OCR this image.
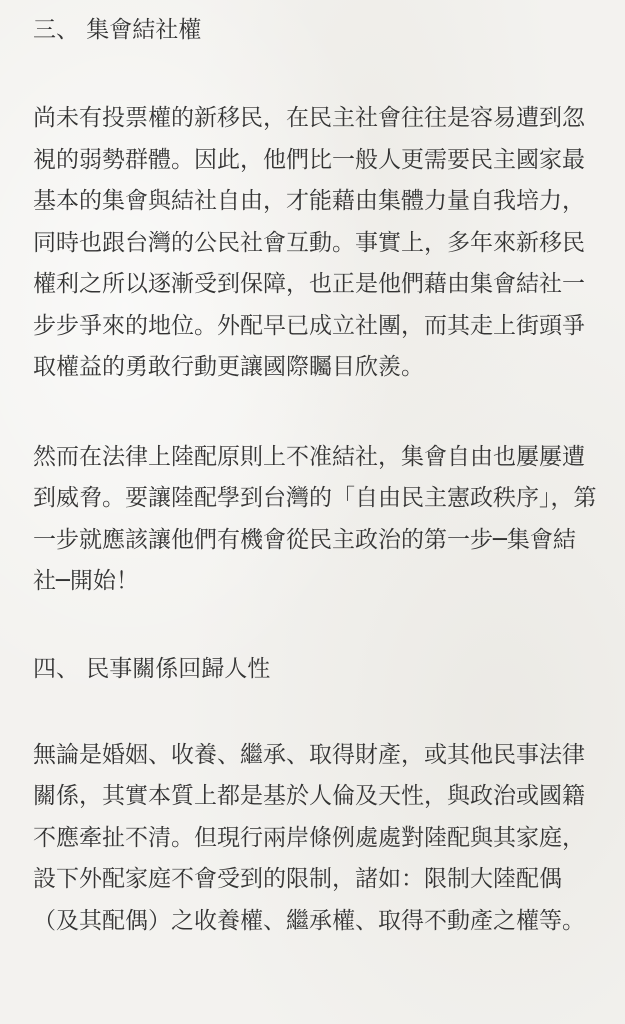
三、 集會結社權

尚未有投票權的新移民，在民主社會往往是容易遭到忽視的弱勢群體。因此，他們比一般人更需要民主國家最基本的集會與結社自由，才能藉由集體力量自我培力，同時也跟台灣的公民社會互動。事實上，多年來新移民權利之所以逐漸受到保障，也正是他們藉由集會結社一步步爭來的地位。外配早已成立社團，而其走上街頭爭取權益的勇敢行動更讓國際矚目欣羨。

然而在法律上陸配原則上不准結社，集會自由也屢屢遭到威脅。要讓陸配學到台灣的「自由民主憲政秩序」，第一步就應該讓他們有機會從民主政治的第一步─集會結社─開始！

四、 民事關係回歸人性

無論是婚姻、收養、繼承、取得財產，或其他民事法律關係，其實本質上都是基於人倫及天性，與政治或國籍不應牽扯不清。但現行兩岸條例處處對陸配與其家庭，設下外配家庭不會受到的限制，諸如：限制大陸配偶（及其配偶）之收養權、繼承權、取得不動產之權等。
